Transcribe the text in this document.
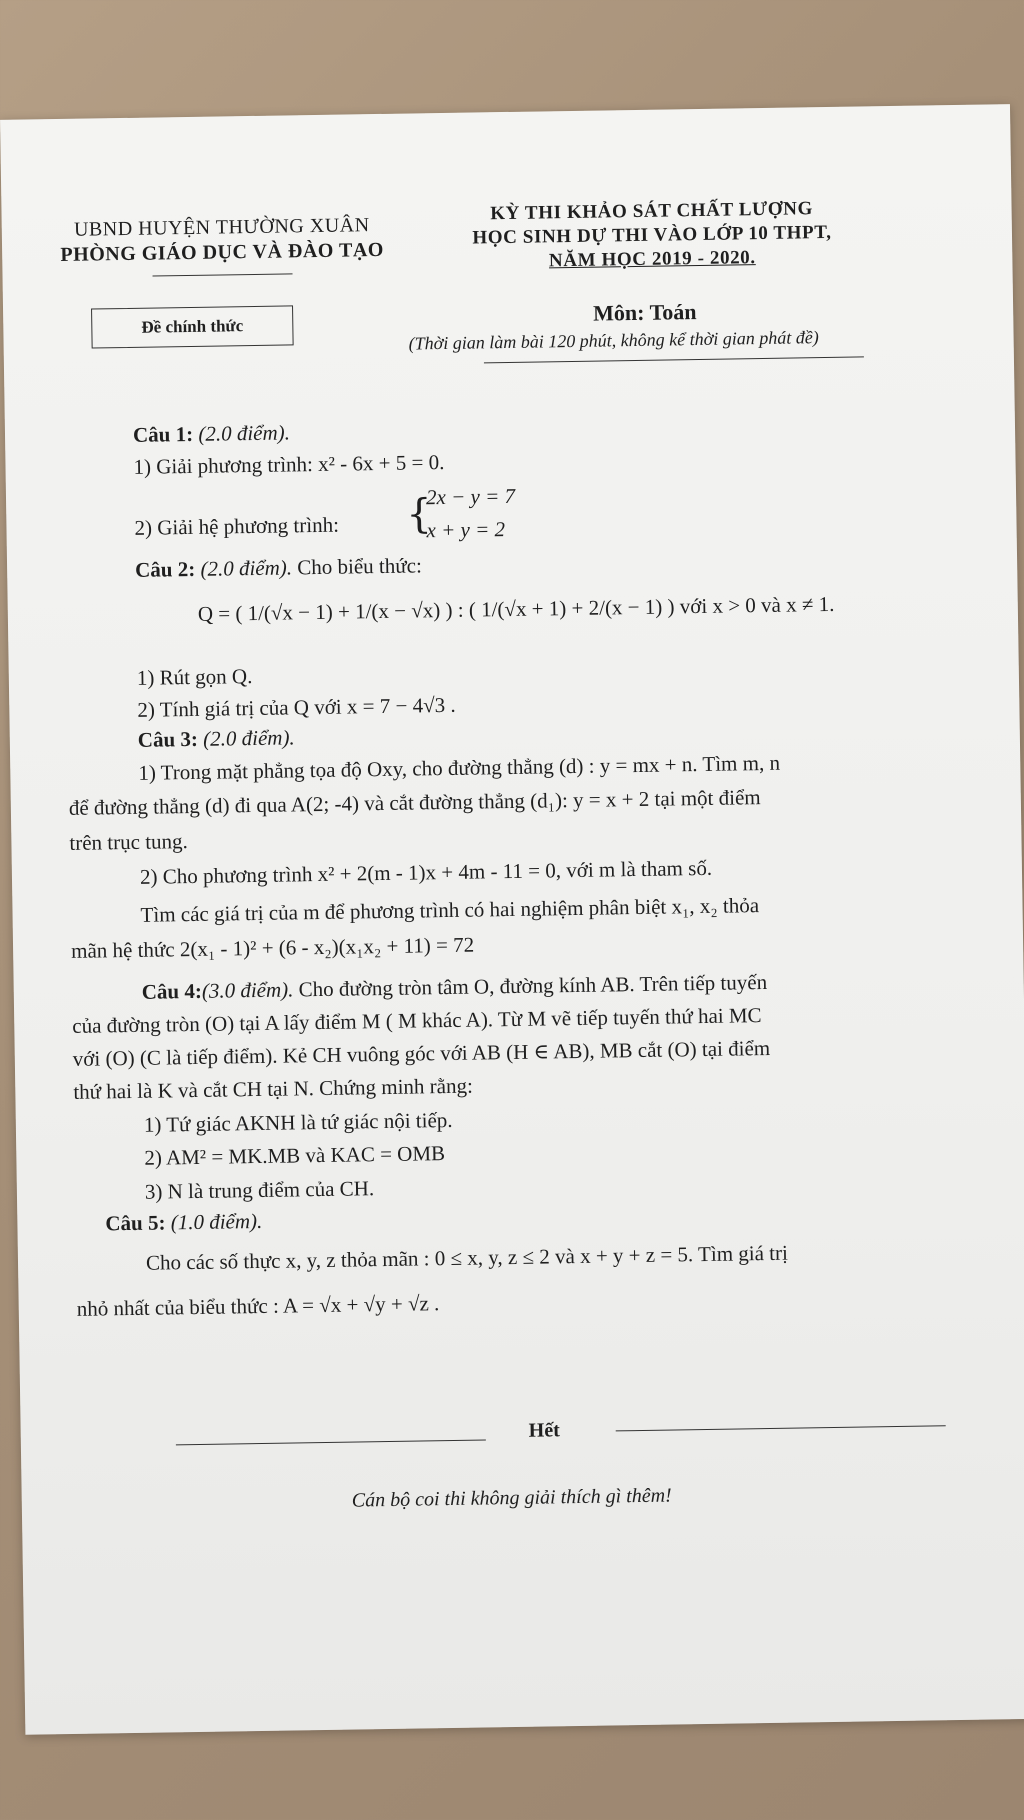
UBND HUYỆN THƯỜNG XUÂN
PHÒNG GIÁO DỤC VÀ ĐÀO TẠO
KỲ THI KHẢO SÁT CHẤT LƯỢNG
HỌC SINH DỰ THI VÀO LỚP 10 THPT,
NĂM HỌC 2019 - 2020.
Đề chính thức
Môn: Toán
(Thời gian làm bài 120 phút, không kể thời gian phát đề)
Câu 1: (2.0 điểm).
1) Giải phương trình: x² - 6x + 5 = 0.
2) Giải hệ phương trình: {
2x − y = 7
x + y = 2
Câu 2: (2.0 điểm). Cho biểu thức:
Q = ( 1/(√x − 1) + 1/(x − √x) ) : ( 1/(√x + 1) + 2/(x − 1) ) với x > 0 và x ≠ 1.
1) Rút gọn Q.
2) Tính giá trị của Q với x = 7 − 4√3 .
Câu 3: (2.0 điểm).
1) Trong mặt phẳng tọa độ Oxy, cho đường thẳng (d) : y = mx + n. Tìm m, n
để đường thẳng (d) đi qua A(2; -4) và cắt đường thẳng (d₁): y = x + 2 tại một điểm
trên trục tung.
2) Cho phương trình x² + 2(m - 1)x + 4m - 11 = 0, với m là tham số.
Tìm các giá trị của m để phương trình có hai nghiệm phân biệt x₁, x₂ thỏa
mãn hệ thức 2(x₁ - 1)² + (6 - x₂)(x₁x₂ + 11) = 72
Câu 4:(3.0 điểm). Cho đường tròn tâm O, đường kính AB. Trên tiếp tuyến
của đường tròn (O) tại A lấy điểm M ( M khác A). Từ M vẽ tiếp tuyến thứ hai MC
với (O) (C là tiếp điểm). Kẻ CH vuông góc với AB (H ∈ AB), MB cắt (O) tại điểm
thứ hai là K và cắt CH tại N. Chứng minh rằng:
1) Tứ giác AKNH là tứ giác nội tiếp.
2) AM² = MK.MB và KAC = OMB
3) N là trung điểm của CH.
Câu 5: (1.0 điểm).
Cho các số thực x, y, z thỏa mãn : 0 ≤ x, y, z ≤ 2 và x + y + z = 5. Tìm giá trị
nhỏ nhất của biểu thức : A = √x + √y + √z .
Hết
Cán bộ coi thi không giải thích gì thêm!
